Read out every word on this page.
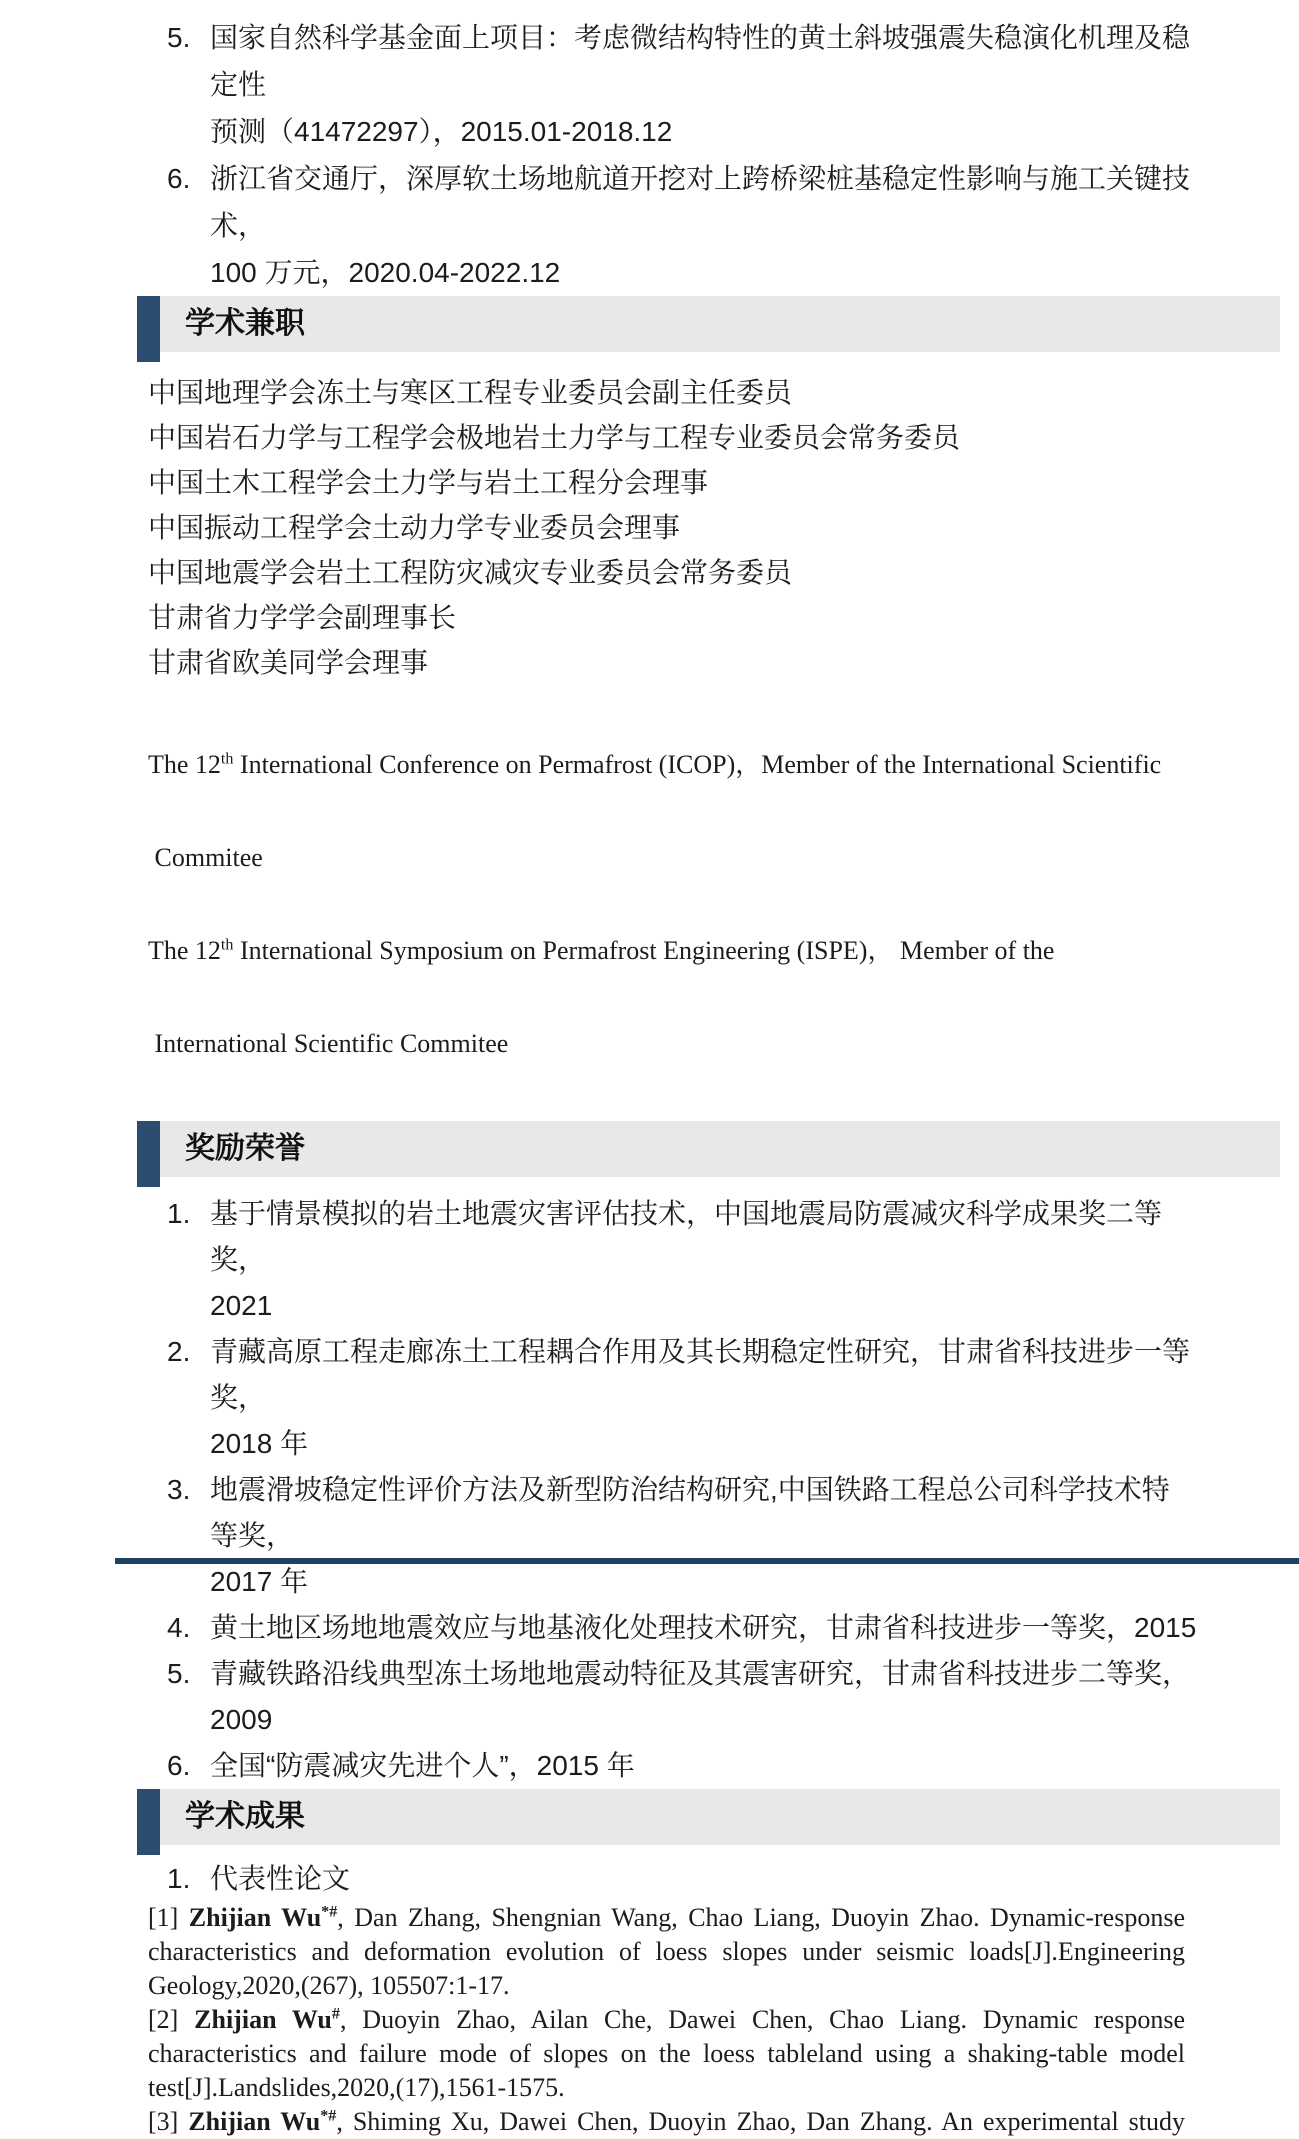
5. 国家自然科学基金面上项目：考虑微结构特性的黄土斜坡强震失稳演化机理及稳定性
预测（41472297），2015.01-2018.12
6. 浙江省交通厅，深厚软土场地航道开挖对上跨桥梁桩基稳定性影响与施工关键技术，
100 万元，2020.04-2022.12
学术兼职
中国地理学会冻土与寒区工程专业委员会副主任委员
中国岩石力学与工程学会极地岩土力学与工程专业委员会常务委员
中国土木工程学会土力学与岩土工程分会理事
中国振动工程学会土动力学专业委员会理事
中国地震学会岩土工程防灾减灾专业委员会常务委员
甘肃省力学学会副理事长
甘肃省欧美同学会理事

The 12th International Conference on Permafrost (ICOP)，Member of the International Scientific

Commitee

The 12th International Symposium on Permafrost Engineering (ISPE)， Member of the

International Scientific Commitee

奖励荣誉
1. 基于情景模拟的岩土地震灾害评估技术，中国地震局防震减灾科学成果奖二等奖，
2021
2. 青藏高原工程走廊冻土工程耦合作用及其长期稳定性研究，甘肃省科技进步一等奖，
2018 年
3. 地震滑坡稳定性评价方法及新型防治结构研究,中国铁路工程总公司科学技术特等奖，
2017 年
4. 黄土地区场地地震效应与地基液化处理技术研究，甘肃省科技进步一等奖，2015
5. 青藏铁路沿线典型冻土场地地震动特征及其震害研究，甘肃省科技进步二等奖，2009
6. 全国“防震减灾先进个人”，2015 年
学术成果
1. 代表性论文
[1] Zhijian Wu*#, Dan Zhang, Shengnian Wang, Chao Liang, Duoyin Zhao. Dynamic-response
characteristics and deformation evolution of loess slopes under seismic loads[J].Engineering
Geology,2020,(267), 105507:1-17.
[2] Zhijian Wu#, Duoyin Zhao, Ailan Che, Dawei Chen, Chao Liang. Dynamic response
characteristics and failure mode of slopes on the loess tableland using a shaking-table model
test[J].Landslides,2020,(17),1561-1575.
[3] Zhijian Wu*#, Shiming Xu, Dawei Chen, Duoyin Zhao, Dan Zhang. An experimental study
